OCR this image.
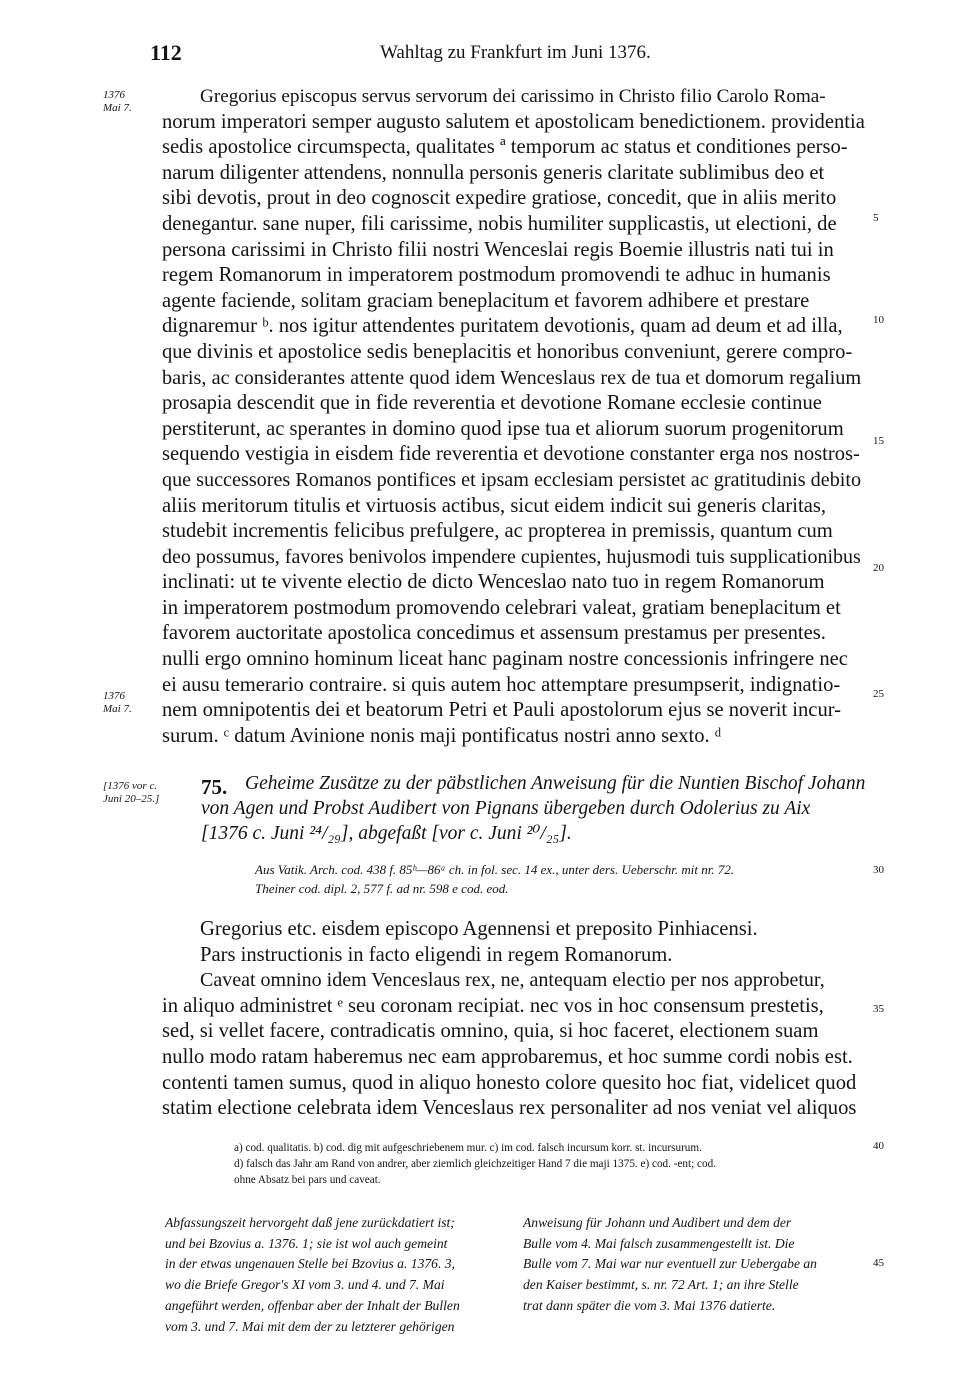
112	Wahltag zu Frankfurt im Juni 1376.
1376
Mai 7.
1376
Mai 7.
Gregorius episcopus servus servorum dei carissimo in Christo filio Carolo Roma-
norum imperatori semper augusto salutem et apostolicam benedictionem. providentia
sedis apostolice circumspecta, qualitates ª temporum ac status et conditiones perso-
narum diligenter attendens, nonnulla personis generis claritate sublimibus deo et
sibi devotis, prout in deo cognoscit expedire gratiose, concedit, que in aliis merito
denegantur. sane nuper, fili carissime, nobis humiliter supplicastis, ut electioni, de
persona carissimi in Christo filii nostri Wenceslai regis Boemie illustris nati tui in
regem Romanorum in imperatorem postmodum promovendi te adhuc in humanis
agente faciende, solitam graciam beneplacitum et favorem adhibere et prestare
dignaremur ᵇ. nos igitur attendentes puritatem devotionis, quam ad deum et ad illa,
que divinis et apostolice sedis beneplacitis et honoribus conveniunt, gerere compro-
baris, ac considerantes attente quod idem Wenceslaus rex de tua et domorum regalium
prosapia descendit que in fide reverentia et devotione Romane ecclesie continue
perstiterunt, ac sperantes in domino quod ipse tua et aliorum suorum progenitorum
sequendo vestigia in eisdem fide reverentia et devotione constanter erga nos nostros-
que successores Romanos pontifices et ipsam ecclesiam persistet ac gratitudinis debito
aliis meritorum titulis et virtuosis actibus, sicut eidem indicit sui generis claritas,
studebit incrementis felicibus prefulgere, ac propterea in premissis, quantum cum
deo possumus, favores benivolos impendere cupientes, hujusmodi tuis supplicationibus
inclinati: ut te vivente electio de dicto Wenceslao nato tuo in regem Romanorum
in imperatorem postmodum promovendo celebrari valeat, gratiam beneplacitum et
favorem auctoritate apostolica concedimus et assensum prestamus per presentes.
nulli ergo omnino hominum liceat hanc paginam nostre concessionis infringere nec
ei ausu temerario contraire. si quis autem hoc attemptare presumpserit, indignatio-
nem omnipotentis dei et beatorum Petri et Pauli apostolorum ejus se noverit incur-
surum. ᶜ datum Avinione nonis maji pontificatus nostri anno sexto. ᵈ
5
10
15
20
25
30
35
40
45
[1376 vor c. Juni 20–25.] 75. Geheime Zusätze zu der päbstlichen Anweisung für die Nuntien Bischof Johann
von Agen und Probst Audibert von Pignans übergeben durch Odolerius zu Aix
[1376 c. Juni ²⁴/₂₉], abgefaßt [vor c. Juni ²⁰/₂₅].
Aus Vatik. Arch. cod. 438 f. 85ᵇ—86ᵃ ch. in fol. sec. 14 ex., unter ders. Ueberschr. mit nr. 72.
Theiner cod. dipl. 2, 577 f. ad nr. 598 e cod. eod.
Gregorius etc. eisdem episcopo Agennensi et preposito Pinhiacensi.
Pars instructionis in facto eligendi in regem Romanorum.
Caveat omnino idem Venceslaus rex, ne, antequam electio per nos approbetur,
in aliquo administret ᵉ seu coronam recipiat. nec vos in hoc consensum prestetis,
sed, si vellet facere, contradicatis omnino, quia, si hoc faceret, electionem suam
nullo modo ratam haberemus nec eam approbaremus, et hoc summe cordi nobis est.
contenti tamen sumus, quod in aliquo honesto colore quesito hoc fiat, videlicet quod
statim electione celebrata idem Venceslaus rex personaliter ad nos veniat vel aliquos
a) cod. qualitatis. b) cod. dig mit aufgeschriebenem mur. c) im cod. falsch incursum korr. st. incursurum.
d) falsch das Jahr am Rand von andrer, aber ziemlich gleichzeitiger Hand 7 die maji 1375. e) cod. -ent; cod.
ohne Absatz bei pars und caveat.
Abfassungszeit hervorgeht daß jene zurückdatiert ist;
und bei Bzovius a. 1376. 1; sie ist wol auch gemeint
in der etwas ungenauen Stelle bei Bzovius a. 1376. 3,
wo die Briefe Gregor's XI vom 3. und 4. und 7. Mai
angeführt werden, offenbar aber der Inhalt der Bullen
vom 3. und 7. Mai mit dem der zu letzterer gehörigen
Anweisung für Johann und Audibert und dem der
Bulle vom 4. Mai falsch zusammengestellt ist. Die
Bulle vom 7. Mai war nur eventuell zur Uebergabe an
den Kaiser bestimmt, s. nr. 72 Art. 1; an ihre Stelle
trat dann später die vom 3. Mai 1376 datierte.
